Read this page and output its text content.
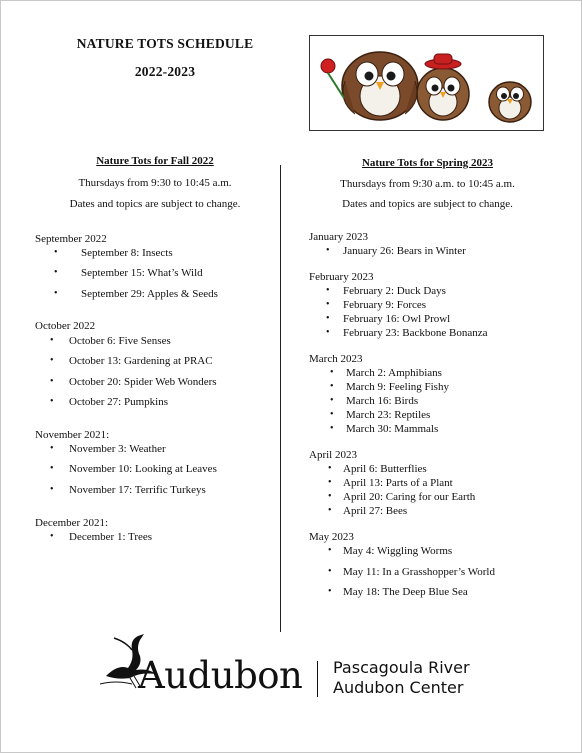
NATURE TOTS SCHEDULE
2022-2023
Nature Tots for Fall 2022
Thursdays from 9:30 to 10:45 a.m.
Dates and topics are subject to change.
Nature Tots for Spring 2023
Thursdays from 9:30 a.m. to 10:45 a.m.
Dates and topics are subject to change.
September 2022
• September 8: Insects
• September 15: What’s Wild
• September 29: Apples & Seeds
October 2022
• October 6: Five Senses
• October 13: Gardening at PRAC
• October 20: Spider Web Wonders
• October 27: Pumpkins
November 2021:
• November 3: Weather
• November 10: Looking at Leaves
• November 17: Terrific Turkeys
December 2021:
• December 1: Trees
January 2023
• January 26: Bears in Winter
February 2023
• February 2: Duck Days
• February 9: Forces
• February 16: Owl Prowl
• February 23: Backbone Bonanza
March 2023
• March 2: Amphibians
• March 9: Feeling Fishy
• March 16: Birds
• March 23: Reptiles
• March 30: Mammals
April 2023
• April 6: Butterflies
• April 13: Parts of a Plant
• April 20: Caring for our Earth
• April 27: Bees
May 2023
• May 4: Wiggling Worms
• May 11: In a Grasshopper’s World
• May 18: The Deep Blue Sea
Audubon Pascagoula River
Audubon Center
